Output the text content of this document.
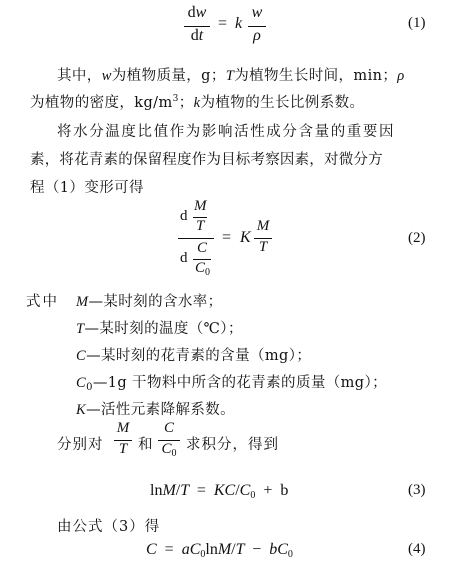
dw
dt
= k
w
ρ
(1)
其中，w为植物质量，g；T为植物生长时间，min；ρ
为植物的密度，$kg/m^3$；k为植物的生长比例系数。
将水分温度比值作为影响活性成分含量的重要因
素，将花青素的保留程度作为目标考察因素，对微分方
程（1）变形可得
d
M
T
d
C
$C_0$
= K
M
T
(2)
式中 M—某时刻的含水率；
T—某时刻的温度（℃）；
C—某时刻的花青素的含量（mg）；
$C_0—1g$ 干物料中所含的花青素的质量（mg）；
K—活性元素降解系数。
分别对
M
T 和
C
$C_0$
求积分，得到
$\ln M/T = KC/C_0 + b$	(3)
由公式（3）得
$C = aC_0\ln M/T - bC_0$	(4)
